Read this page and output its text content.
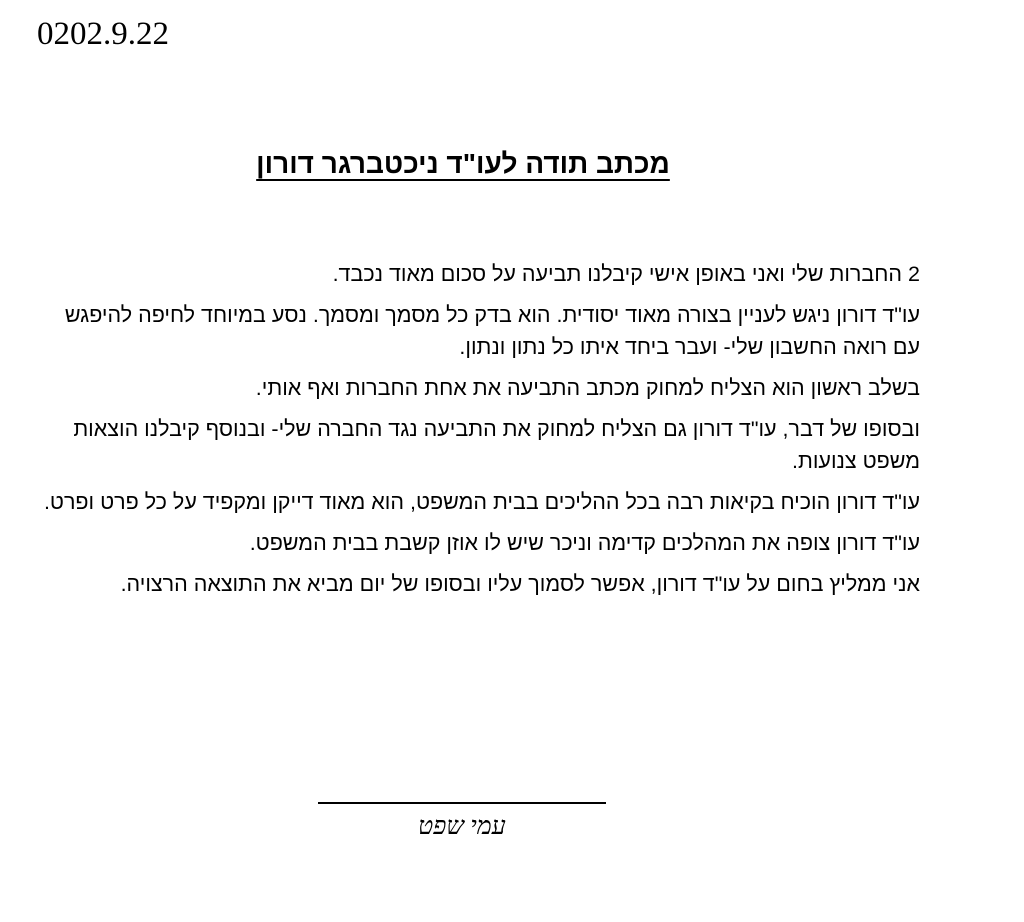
0202.9.22
מכתב תודה לעו"ד ניכטברגר דורון

2 החברות שלי ואני באופן אישי קיבלנו תביעה על סכום מאוד נכבד.

עו"ד דורון ניגש לעניין בצורה מאוד יסודית. הוא בדק כל מסמך ומסמך. נסע במיוחד לחיפה להיפגש עם רואה החשבון שלי- ועבר ביחד איתו כל נתון ונתון.

בשלב ראשון הוא הצליח למחוק מכתב התביעה את אחת החברות ואף אותי.

ובסופו של דבר, עו"ד דורון גם הצליח למחוק את התביעה נגד החברה שלי- ובנוסף קיבלנו הוצאות משפט צנועות.

עו"ד דורון הוכיח בקיאות רבה בכל ההליכים בבית המשפט, הוא מאוד דייקן ומקפיד על כל פרט ופרט.

עו"ד דורון צופה את המהלכים קדימה וניכר שיש לו אוזן קשבת בבית המשפט.

אני ממליץ בחום על עו"ד דורון, אפשר לסמוך עליו ובסופו של יום מביא את התוצאה הרצויה.

עמי שפט
